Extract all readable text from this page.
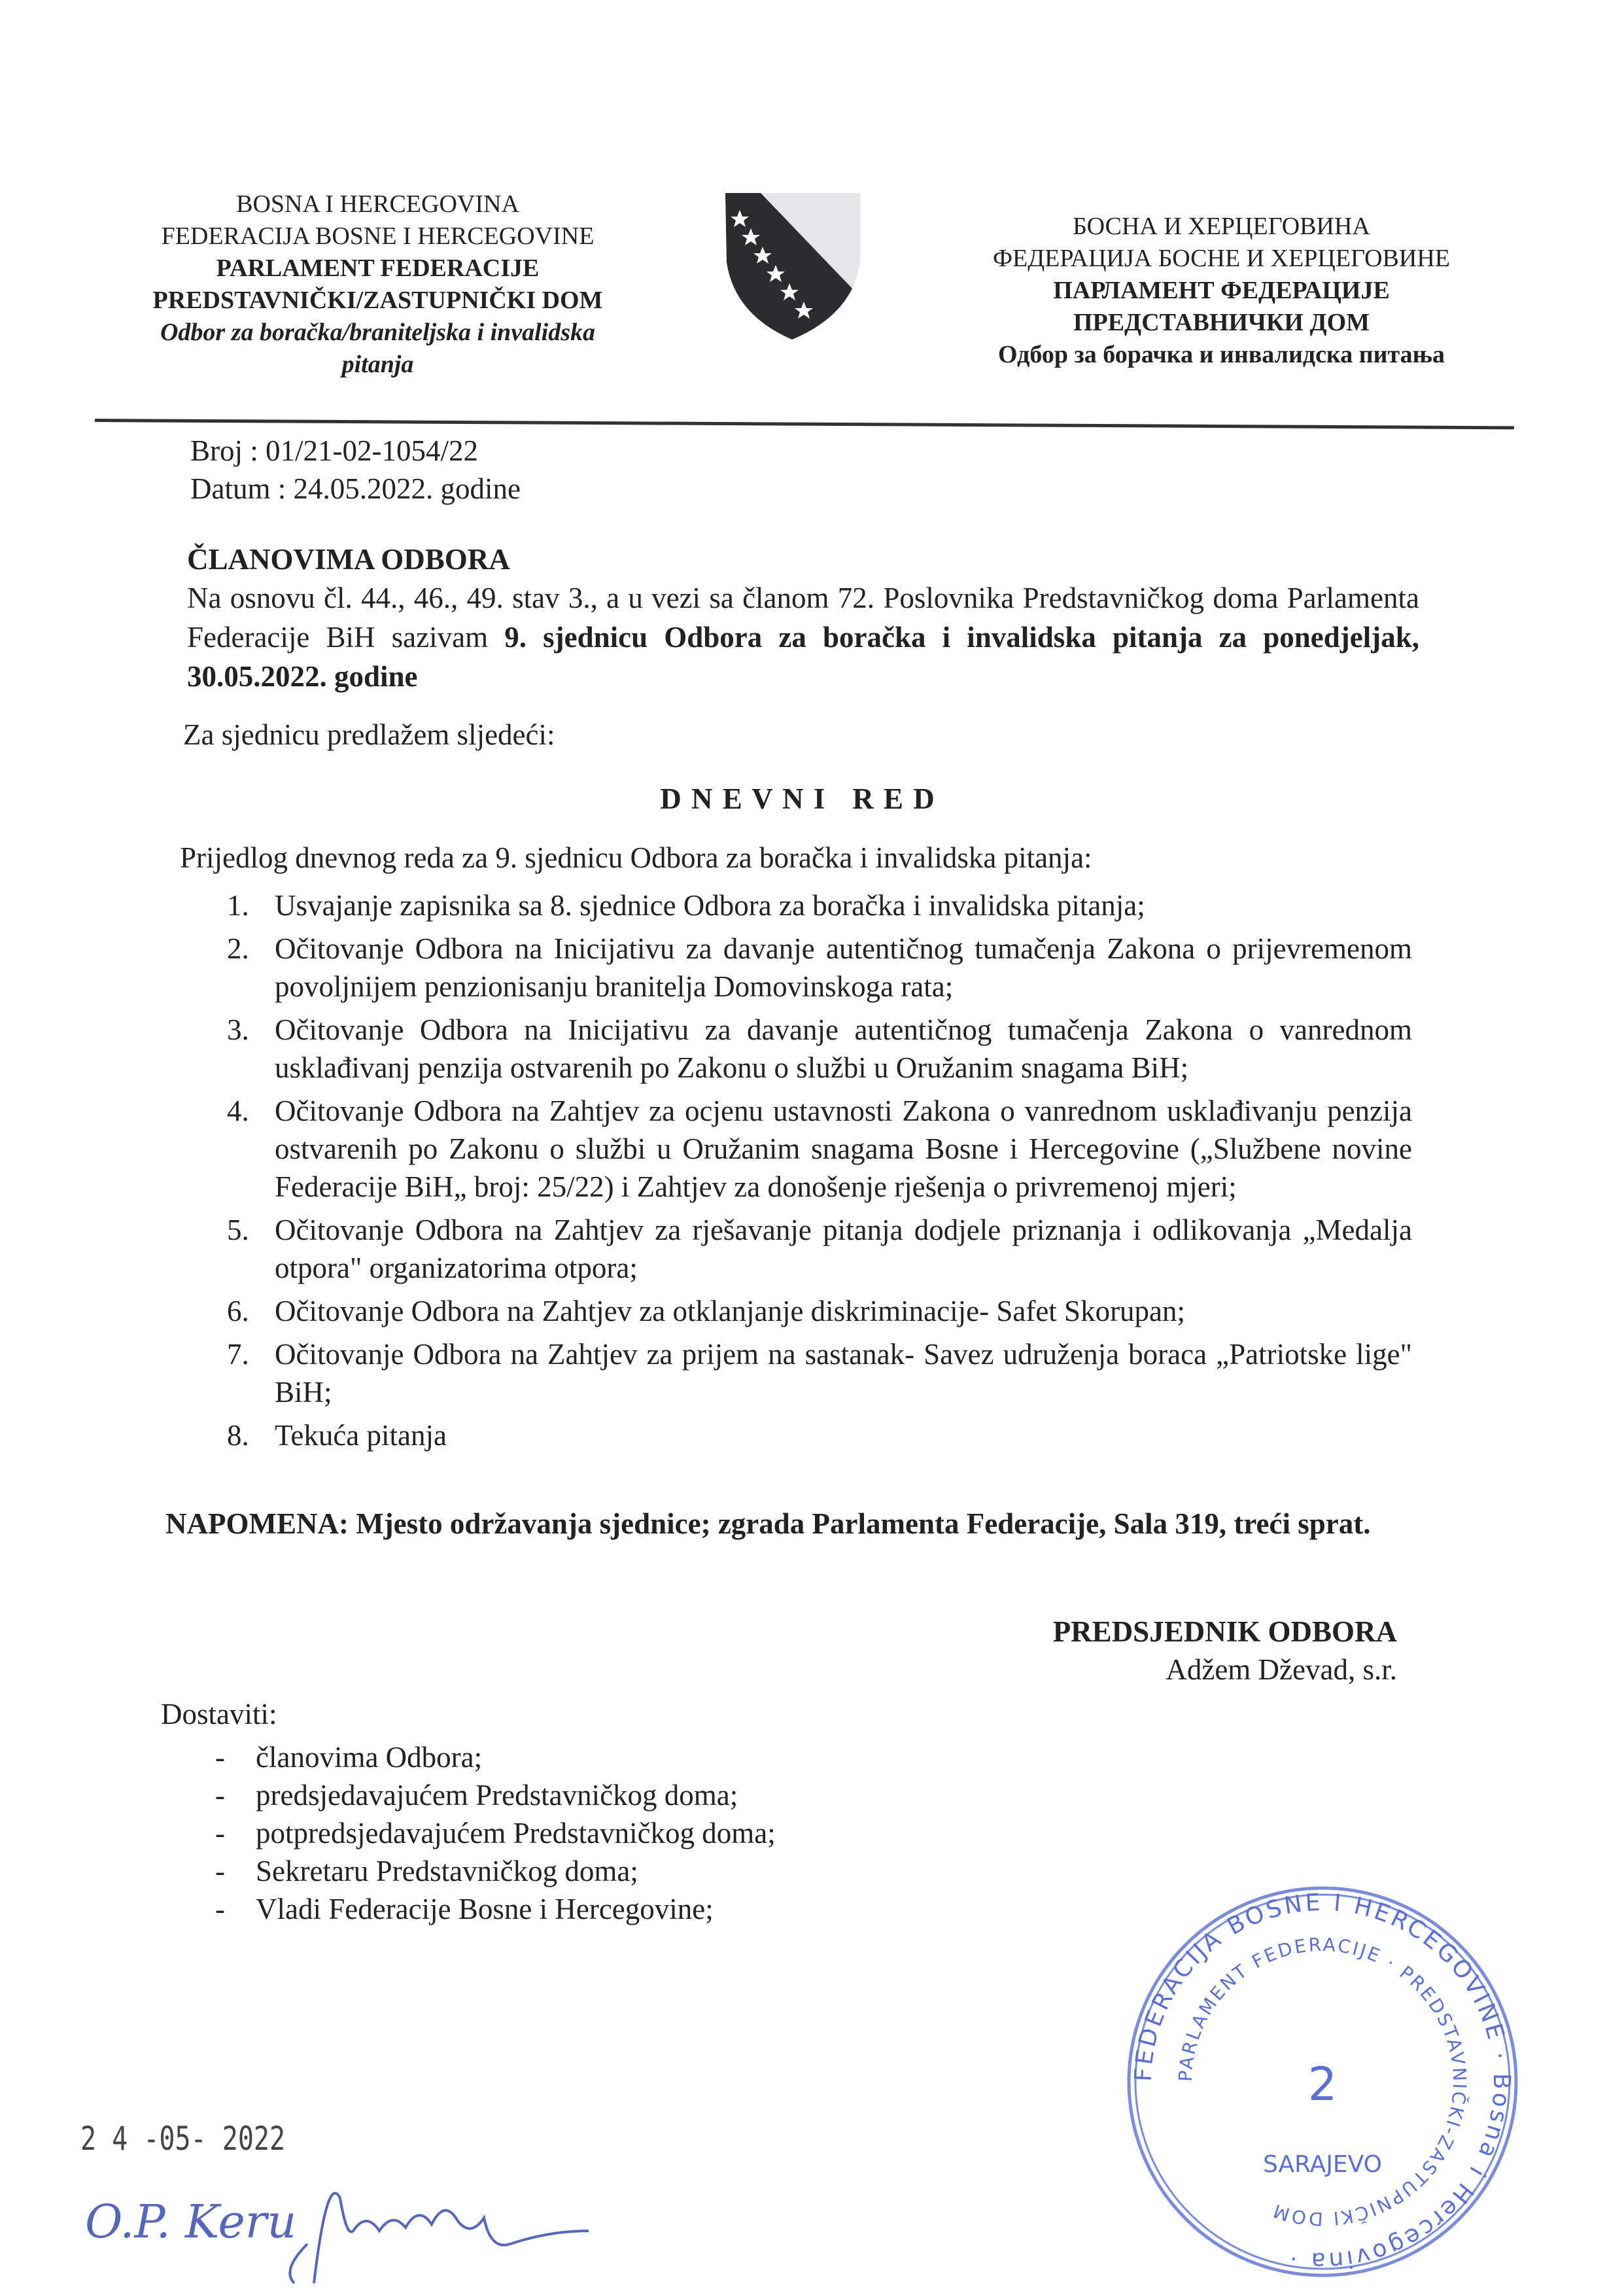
BOSNA I HERCEGOVINA
FEDERACIJA BOSNE I HERCEGOVINE
PARLAMENT FEDERACIJE
PREDSTAVNIČKI/ZASTUPNIČKI DOM
Odbor za boračka/braniteljska i invalidska
pitanja
БОСНА И ХЕРЦЕГОВИНА
ФЕДЕРАЦИЈА БОСНЕ И ХЕРЦЕГОВИНЕ
ПАРЛАМЕНТ ФЕДЕРАЦИЈЕ
ПРЕДСТАВНИЧКИ ДОМ
Одбор за борачка и инвалидска питања
Broj : 01/21-02-1054/22
Datum : 24.05.2022. godine
ČLANOVIMA ODBORA
Na osnovu čl. 44., 46., 49. stav 3., a u vezi sa članom 72. Poslovnika Predstavničkog doma Parlamenta Federacije BiH sazivam 9. sjednicu Odbora za boračka i invalidska pitanja za ponedjeljak, 30.05.2022. godine
Za sjednicu predlažem sljedeći:
D N E V N I   R E D
Prijedlog dnevnog reda za 9. sjednicu Odbora za boračka i invalidska pitanja:
1. Usvajanje zapisnika sa 8. sjednice Odbora za boračka i invalidska pitanja;
2. Očitovanje Odbora na Inicijativu za davanje autentičnog tumačenja Zakona o prijevremenom povoljnijem penzionisanju branitelja Domovinskoga rata;
3. Očitovanje Odbora na Inicijativu za davanje autentičnog tumačenja Zakona o vanrednom usklađivanj penzija ostvarenih po Zakonu o službi u Oružanim snagama BiH;
4. Očitovanje Odbora na Zahtjev za ocjenu ustavnosti Zakona o vanrednom usklađivanju penzija ostvarenih po Zakonu o službi u Oružanim snagama Bosne i Hercegovine („Službene novine Federacije BiH„ broj: 25/22) i Zahtjev za donošenje rješenja o privremenoj mjeri;
5. Očitovanje Odbora na Zahtjev za rješavanje pitanja dodjele priznanja i odlikovanja „Medalja otpora" organizatorima otpora;
6. Očitovanje Odbora na Zahtjev za otklanjanje diskriminacije- Safet Skorupan;
7. Očitovanje Odbora na Zahtjev za prijem na sastanak- Savez udruženja boraca „Patriotske lige" BiH;
8. Tekuća pitanja
NAPOMENA: Mjesto održavanja sjednice; zgrada Parlamenta Federacije, Sala 319, treći sprat.
PREDSJEDNIK ODBORA
Adžem Dževad, s.r.
Dostaviti:
- članovima Odbora;
- predsjedavajućem Predstavničkog doma;
- potpredsjedavajućem Predstavničkog doma;
- Sekretaru Predstavničkog doma;
- Vladi Federacije Bosne i Hercegovine;
FEDERACIJA BOSNE I HERCEGOVINE · Bosna i Hercegovina ·
PARLAMENT FEDERACIJE · PREDSTAVNIČKI-ZASTUPNIČKI DOM
SARAJEVO
2
2 4 -05- 2022
O.P. Keru
